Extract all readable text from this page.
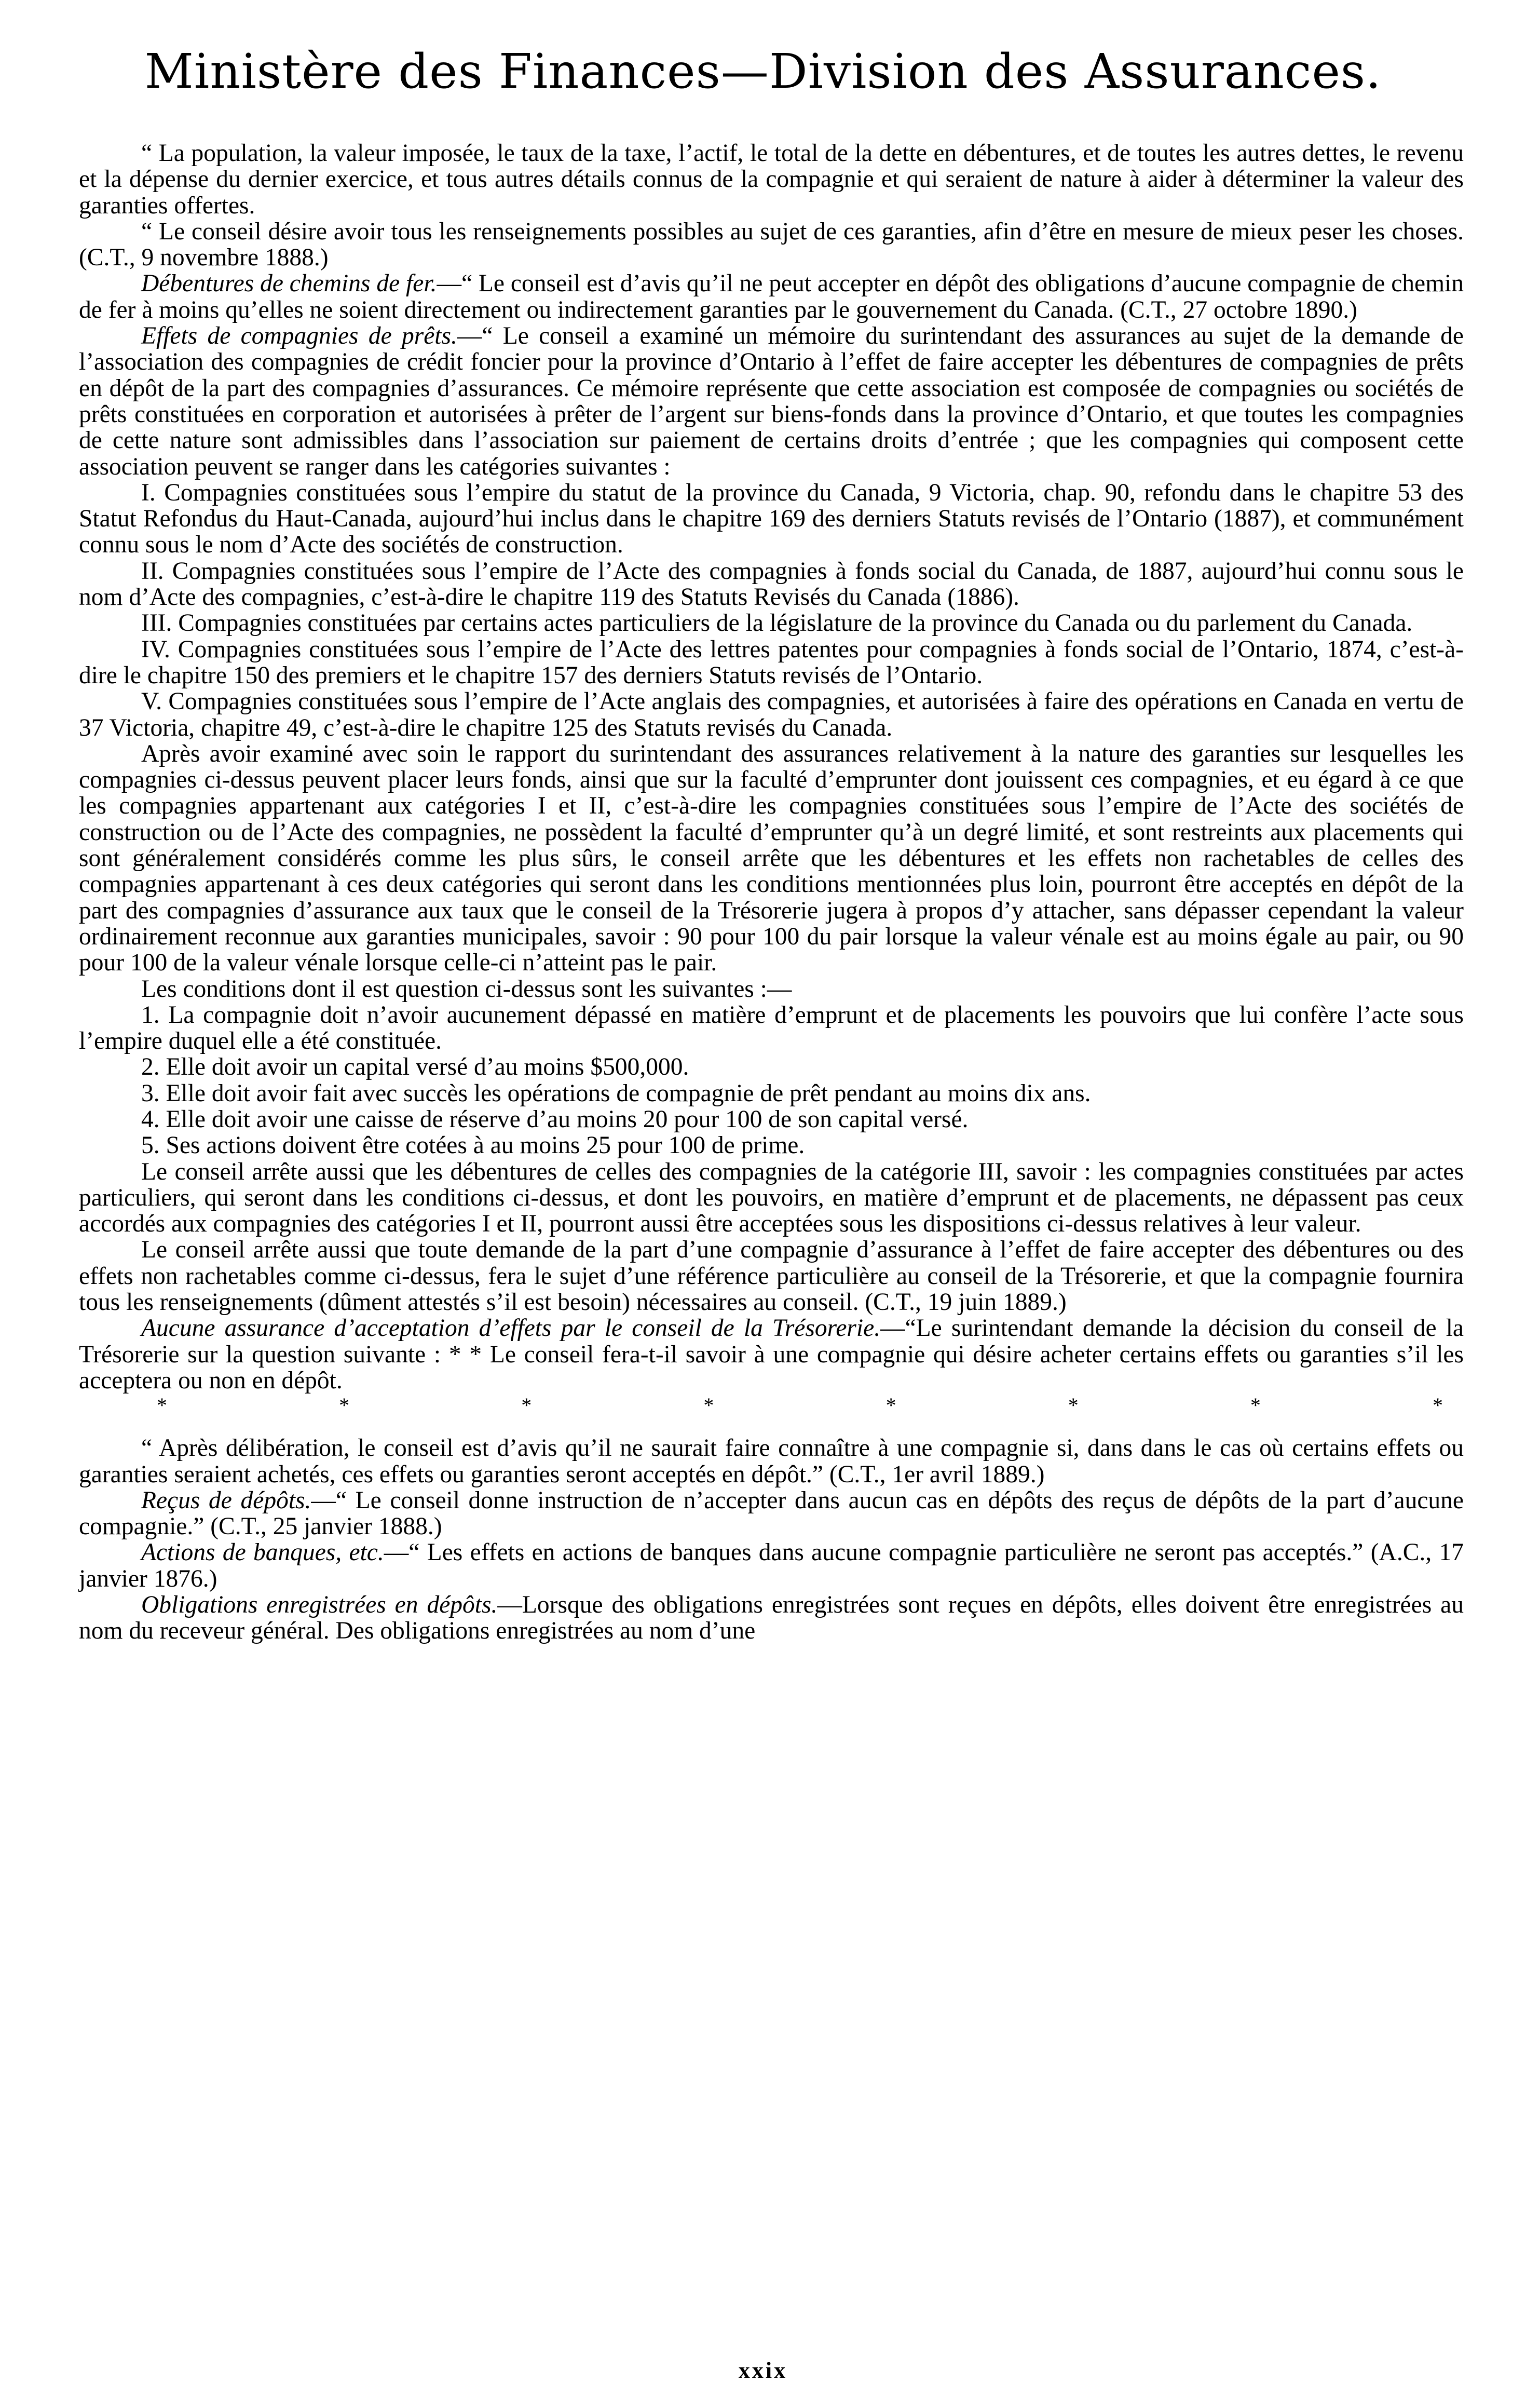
Ministère des Finances—Division des Assurances.

“ La population, la valeur imposée, le taux de la taxe, l’actif, le total de la dette en débentures, et de toutes les autres dettes, le revenu et la dépense du dernier exercice, et tous autres détails connus de la compagnie et qui seraient de nature à aider à déterminer la valeur des garanties offertes.

“ Le conseil désire avoir tous les renseignements possibles au sujet de ces garanties, afin d’être en mesure de mieux peser les choses. (C.T., 9 novembre 1888.)

Débentures de chemins de fer.—“ Le conseil est d’avis qu’il ne peut accepter en dépôt des obligations d’aucune compagnie de chemin de fer à moins qu’elles ne soient directement ou indirectement garanties par le gouvernement du Canada. (C.T., 27 octobre 1890.)

Effets de compagnies de prêts.—“ Le conseil a examiné un mémoire du surintendant des assurances au sujet de la demande de l’association des compagnies de crédit foncier pour la province d’Ontario à l’effet de faire accepter les débentures de compagnies de prêts en dépôt de la part des compagnies d’assurances. Ce mémoire représente que cette association est composée de compagnies ou sociétés de prêts constituées en corporation et autorisées à prêter de l’argent sur biens-fonds dans la province d’Ontario, et que toutes les compagnies de cette nature sont admissibles dans l’association sur paiement de certains droits d’entrée ; que les compagnies qui composent cette association peuvent se ranger dans les catégories suivantes :

I. Compagnies constituées sous l’empire du statut de la province du Canada, 9 Victoria, chap. 90, refondu dans le chapitre 53 des Statut Refondus du Haut-Canada, aujourd’hui inclus dans le chapitre 169 des derniers Statuts revisés de l’Ontario (1887), et communément connu sous le nom d’Acte des sociétés de construction.

II. Compagnies constituées sous l’empire de l’Acte des compagnies à fonds social du Canada, de 1887, aujourd’hui connu sous le nom d’Acte des compagnies, c’est-à-dire le chapitre 119 des Statuts Revisés du Canada (1886).

III. Compagnies constituées par certains actes particuliers de la législature de la province du Canada ou du parlement du Canada.

IV. Compagnies constituées sous l’empire de l’Acte des lettres patentes pour compagnies à fonds social de l’Ontario, 1874, c’est-à-dire le chapitre 150 des premiers et le chapitre 157 des derniers Statuts revisés de l’Ontario.

V. Compagnies constituées sous l’empire de l’Acte anglais des compagnies, et autorisées à faire des opérations en Canada en vertu de 37 Victoria, chapitre 49, c’est-à-dire le chapitre 125 des Statuts revisés du Canada.

Après avoir examiné avec soin le rapport du surintendant des assurances relativement à la nature des garanties sur lesquelles les compagnies ci-dessus peuvent placer leurs fonds, ainsi que sur la faculté d’emprunter dont jouissent ces compagnies, et eu égard à ce que les compagnies appartenant aux catégories I et II, c’est-à-dire les compagnies constituées sous l’empire de l’Acte des sociétés de construction ou de l’Acte des compagnies, ne possèdent la faculté d’emprunter qu’à un degré limité, et sont restreints aux placements qui sont généralement considérés comme les plus sûrs, le conseil arrête que les débentures et les effets non rachetables de celles des compagnies appartenant à ces deux catégories qui seront dans les conditions mentionnées plus loin, pourront être acceptés en dépôt de la part des compagnies d’assurance aux taux que le conseil de la Trésorerie jugera à propos d’y attacher, sans dépasser cependant la valeur ordinairement reconnue aux garanties municipales, savoir : 90 pour 100 du pair lorsque la valeur vénale est au moins égale au pair, ou 90 pour 100 de la valeur vénale lorsque celle-ci n’atteint pas le pair.

Les conditions dont il est question ci-dessus sont les suivantes :—

1. La compagnie doit n’avoir aucunement dépassé en matière d’emprunt et de placements les pouvoirs que lui confère l’acte sous l’empire duquel elle a été constituée.

2. Elle doit avoir un capital versé d’au moins $500,000.

3. Elle doit avoir fait avec succès les opérations de compagnie de prêt pendant au moins dix ans.

4. Elle doit avoir une caisse de réserve d’au moins 20 pour 100 de son capital versé.

5. Ses actions doivent être cotées à au moins 25 pour 100 de prime.

Le conseil arrête aussi que les débentures de celles des compagnies de la catégorie III, savoir : les compagnies constituées par actes particuliers, qui seront dans les conditions ci-dessus, et dont les pouvoirs, en matière d’emprunt et de placements, ne dépassent pas ceux accordés aux compagnies des catégories I et II, pourront aussi être acceptées sous les dispositions ci-dessus relatives à leur valeur.

Le conseil arrête aussi que toute demande de la part d’une compagnie d’assurance à l’effet de faire accepter des débentures ou des effets non rachetables comme ci-dessus, fera le sujet d’une référence particulière au conseil de la Trésorerie, et que la compagnie fournira tous les renseignements (dûment attestés s’il est besoin) nécessaires au conseil. (C.T., 19 juin 1889.)

Aucune assurance d’acceptation d’effets par le conseil de la Trésorerie.—“Le surintendant demande la décision du conseil de la Trésorerie sur la question suivante : * * Le conseil fera-t-il savoir à une compagnie qui désire acheter certains effets ou garanties s’il les acceptera ou non en dépôt.

*	*	*	*	*	*	*	*

“ Après délibération, le conseil est d’avis qu’il ne saurait faire connaître à une compagnie si, dans dans le cas où certains effets ou garanties seraient achetés, ces effets ou garanties seront acceptés en dépôt.” (C.T., 1er avril 1889.)

Reçus de dépôts.—“ Le conseil donne instruction de n’accepter dans aucun cas en dépôts des reçus de dépôts de la part d’aucune compagnie.” (C.T., 25 janvier 1888.)

Actions de banques, etc.—“ Les effets en actions de banques dans aucune compagnie particulière ne seront pas acceptés.” (A.C., 17 janvier 1876.)

Obligations enregistrées en dépôts.—Lorsque des obligations enregistrées sont reçues en dépôts, elles doivent être enregistrées au nom du receveur général. Des obligations enregistrées au nom d’une

xxix
